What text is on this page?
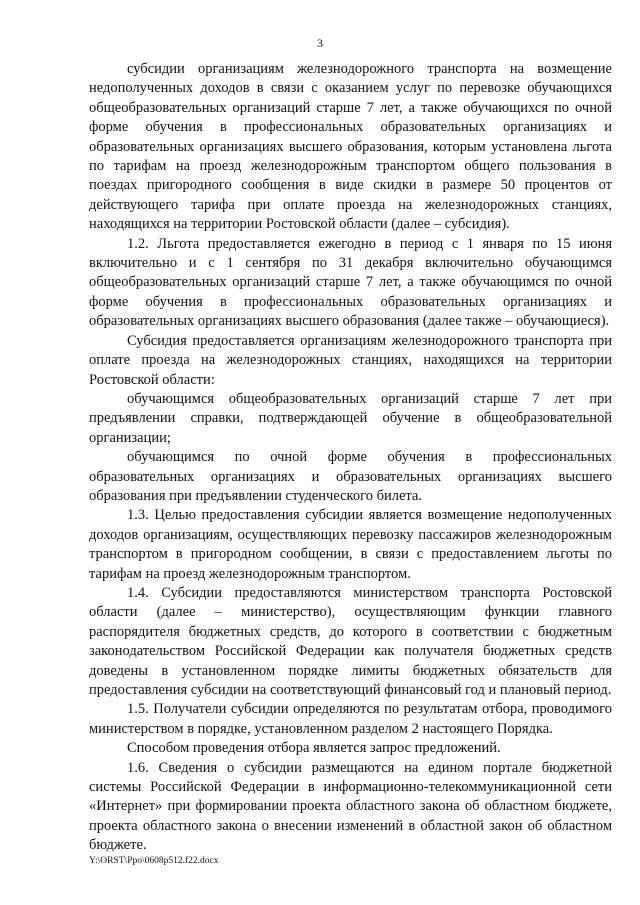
3

субсидии организациям железнодорожного транспорта на возмещение недополученных доходов в связи с оказанием услуг по перевозке обучающихся общеобразовательных организаций старше 7 лет, а также обучающихся по очной форме обучения в профессиональных образовательных организациях и образовательных организациях высшего образования, которым установлена льгота по тарифам на проезд железнодорожным транспортом общего пользования в поездах пригородного сообщения в виде скидки в размере 50 процентов от действующего тарифа при оплате проезда на железнодорожных станциях, находящихся на территории Ростовской области (далее – субсидия).

1.2. Льгота предоставляется ежегодно в период с 1 января по 15 июня включительно и с 1 сентября по 31 декабря включительно обучающимся общеобразовательных организаций старше 7 лет, а также обучающимся по очной форме обучения в профессиональных образовательных организациях и образовательных организациях высшего образования (далее также – обучающиеся).

Субсидия предоставляется организациям железнодорожного транспорта при оплате проезда на железнодорожных станциях, находящихся на территории Ростовской области:

обучающимся общеобразовательных организаций старше 7 лет при предъявлении справки, подтверждающей обучение в общеобразовательной организации;

обучающимся по очной форме обучения в профессиональных образовательных организациях и образовательных организациях высшего образования при предъявлении студенческого билета.

1.3. Целью предоставления субсидии является возмещение недополученных доходов организациям, осуществляющих перевозку пассажиров железнодорожным транспортом в пригородном сообщении, в связи с предоставлением льготы по тарифам на проезд железнодорожным транспортом.

1.4. Субсидии предоставляются министерством транспорта Ростовской области (далее – министерство), осуществляющим функции главного распорядителя бюджетных средств, до которого в соответствии с бюджетным законодательством Российской Федерации как получателя бюджетных средств доведены в установленном порядке лимиты бюджетных обязательств для предоставления субсидии на соответствующий финансовый год и плановый период.

1.5. Получатели субсидии определяются по результатам отбора, проводимого министерством в порядке, установленном разделом 2 настоящего Порядка.

Способом проведения отбора является запрос предложений.

1.6. Сведения о субсидии размещаются на едином портале бюджетной системы Российской Федерации в информационно-телекоммуникационной сети «Интернет» при формировании проекта областного закона об областном бюджете, проекта областного закона о внесении изменений в областной закон об областном бюджете.

Y:\ORST\Ppo\0608p512.f22.docx
